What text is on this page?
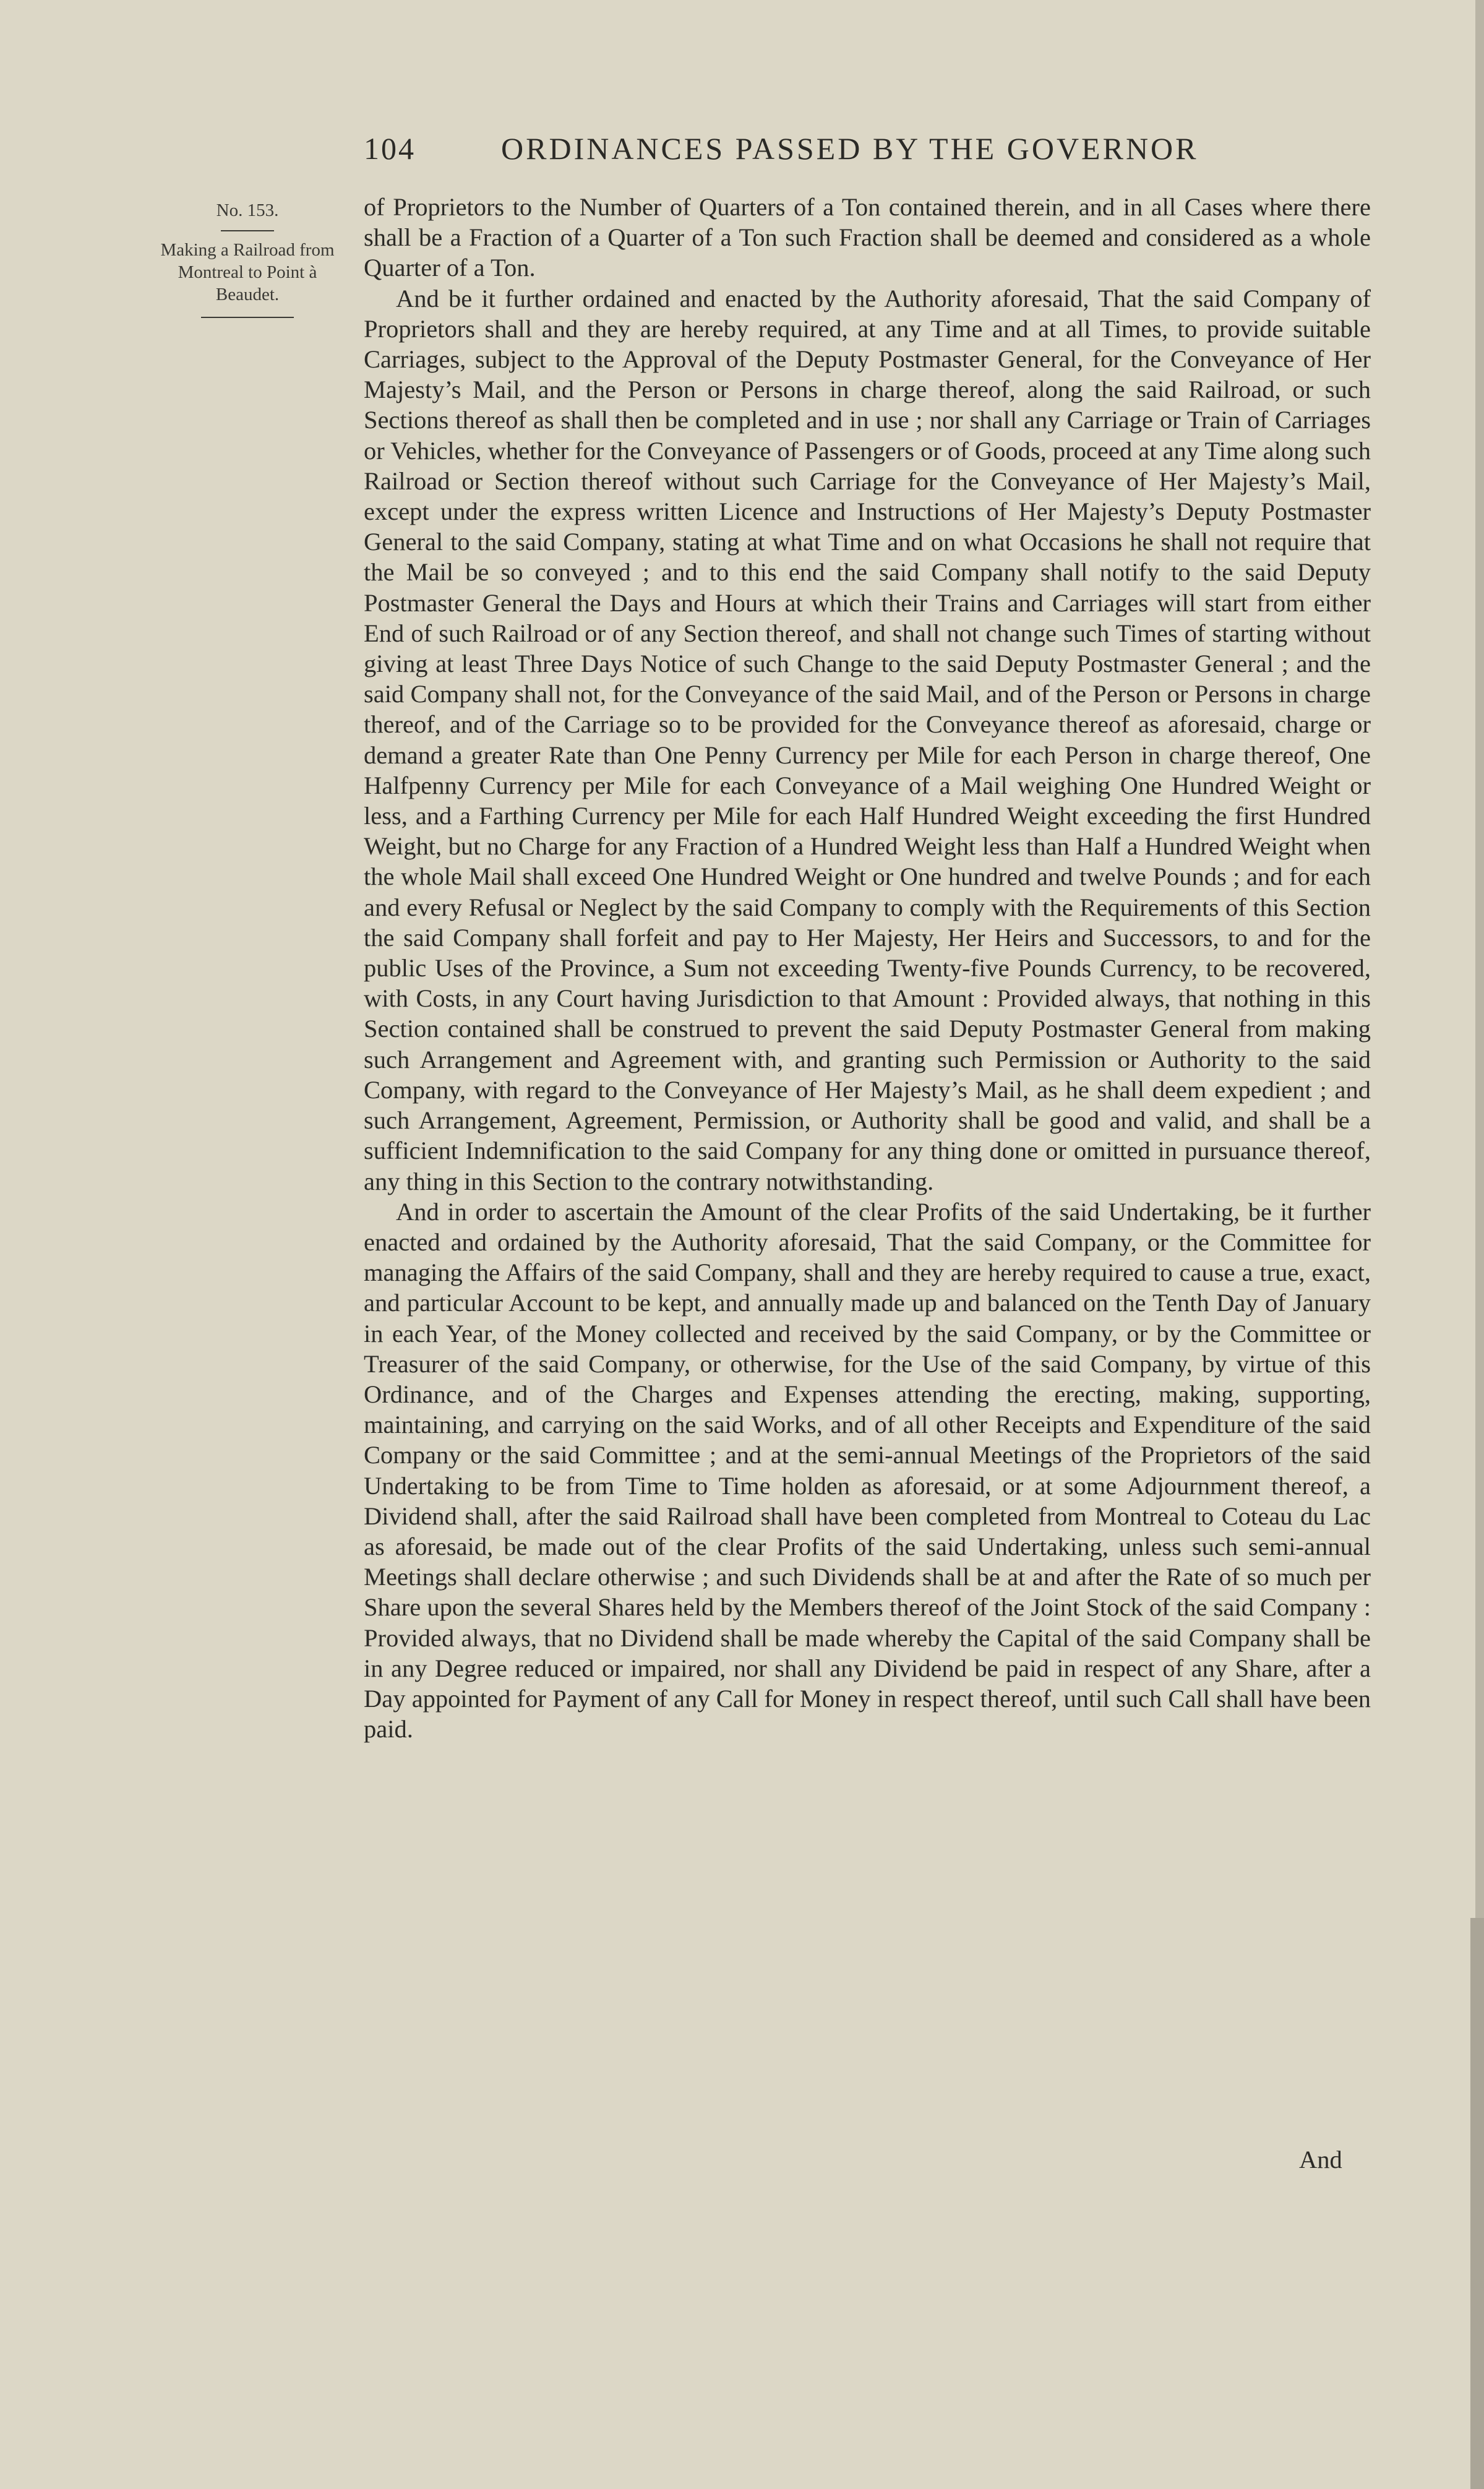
104	ORDINANCES PASSED BY THE GOVERNOR
No. 153.
Making a Railroad from Montreal to Point à Beaudet.

of Proprietors to the Number of Quarters of a Ton contained therein, and in all Cases where there shall be a Fraction of a Quarter of a Ton such Fraction shall be deemed and considered as a whole Quarter of a Ton.

And be it further ordained and enacted by the Authority aforesaid, That the said Company of Proprietors shall and they are hereby required, at any Time and at all Times, to provide suitable Carriages, subject to the Approval of the Deputy Postmaster General, for the Conveyance of Her Majesty’s Mail, and the Person or Persons in charge thereof, along the said Railroad, or such Sections thereof as shall then be completed and in use ; nor shall any Carriage or Train of Carriages or Vehicles, whether for the Conveyance of Passengers or of Goods, proceed at any Time along such Railroad or Section thereof without such Carriage for the Conveyance of Her Majesty’s Mail, except under the express written Licence and Instructions of Her Majesty’s Deputy Postmaster General to the said Company, stating at what Time and on what Occasions he shall not require that the Mail be so conveyed ; and to this end the said Company shall notify to the said Deputy Postmaster General the Days and Hours at which their Trains and Carriages will start from either End of such Railroad or of any Section thereof, and shall not change such Times of starting without giving at least Three Days Notice of such Change to the said Deputy Postmaster General ; and the said Company shall not, for the Conveyance of the said Mail, and of the Person or Persons in charge thereof, and of the Carriage so to be provided for the Conveyance thereof as aforesaid, charge or demand a greater Rate than One Penny Currency per Mile for each Person in charge thereof, One Halfpenny Currency per Mile for each Conveyance of a Mail weighing One Hundred Weight or less, and a Farthing Currency per Mile for each Half Hundred Weight exceeding the first Hundred Weight, but no Charge for any Fraction of a Hundred Weight less than Half a Hundred Weight when the whole Mail shall exceed One Hundred Weight or One hundred and twelve Pounds ; and for each and every Refusal or Neglect by the said Company to comply with the Requirements of this Section the said Company shall forfeit and pay to Her Majesty, Her Heirs and Successors, to and for the public Uses of the Province, a Sum not exceeding Twenty-five Pounds Currency, to be recovered, with Costs, in any Court having Jurisdiction to that Amount : Provided always, that nothing in this Section contained shall be construed to prevent the said Deputy Postmaster General from making such Arrangement and Agreement with, and granting such Permission or Authority to the said Company, with regard to the Conveyance of Her Majesty’s Mail, as he shall deem expedient ; and such Arrangement, Agreement, Permission, or Authority shall be good and valid, and shall be a sufficient Indemnification to the said Company for any thing done or omitted in pursuance thereof, any thing in this Section to the contrary notwithstanding.

And in order to ascertain the Amount of the clear Profits of the said Undertaking, be it further enacted and ordained by the Authority aforesaid, That the said Company, or the Committee for managing the Affairs of the said Company, shall and they are hereby required to cause a true, exact, and particular Account to be kept, and annually made up and balanced on the Tenth Day of January in each Year, of the Money collected and received by the said Company, or by the Committee or Treasurer of the said Company, or otherwise, for the Use of the said Company, by virtue of this Ordinance, and of the Charges and Expenses attending the erecting, making, supporting, maintaining, and carrying on the said Works, and of all other Receipts and Expenditure of the said Company or the said Committee ; and at the semi-annual Meetings of the Proprietors of the said Undertaking to be from Time to Time holden as aforesaid, or at some Adjournment thereof, a Dividend shall, after the said Railroad shall have been completed from Montreal to Coteau du Lac as aforesaid, be made out of the clear Profits of the said Undertaking, unless such semi-annual Meetings shall declare otherwise ; and such Dividends shall be at and after the Rate of so much per Share upon the several Shares held by the Members thereof of the Joint Stock of the said Company : Provided always, that no Dividend shall be made whereby the Capital of the said Company shall be in any Degree reduced or impaired, nor shall any Dividend be paid in respect of any Share, after a Day appointed for Payment of any Call for Money in respect thereof, until such Call shall have been paid.

And
